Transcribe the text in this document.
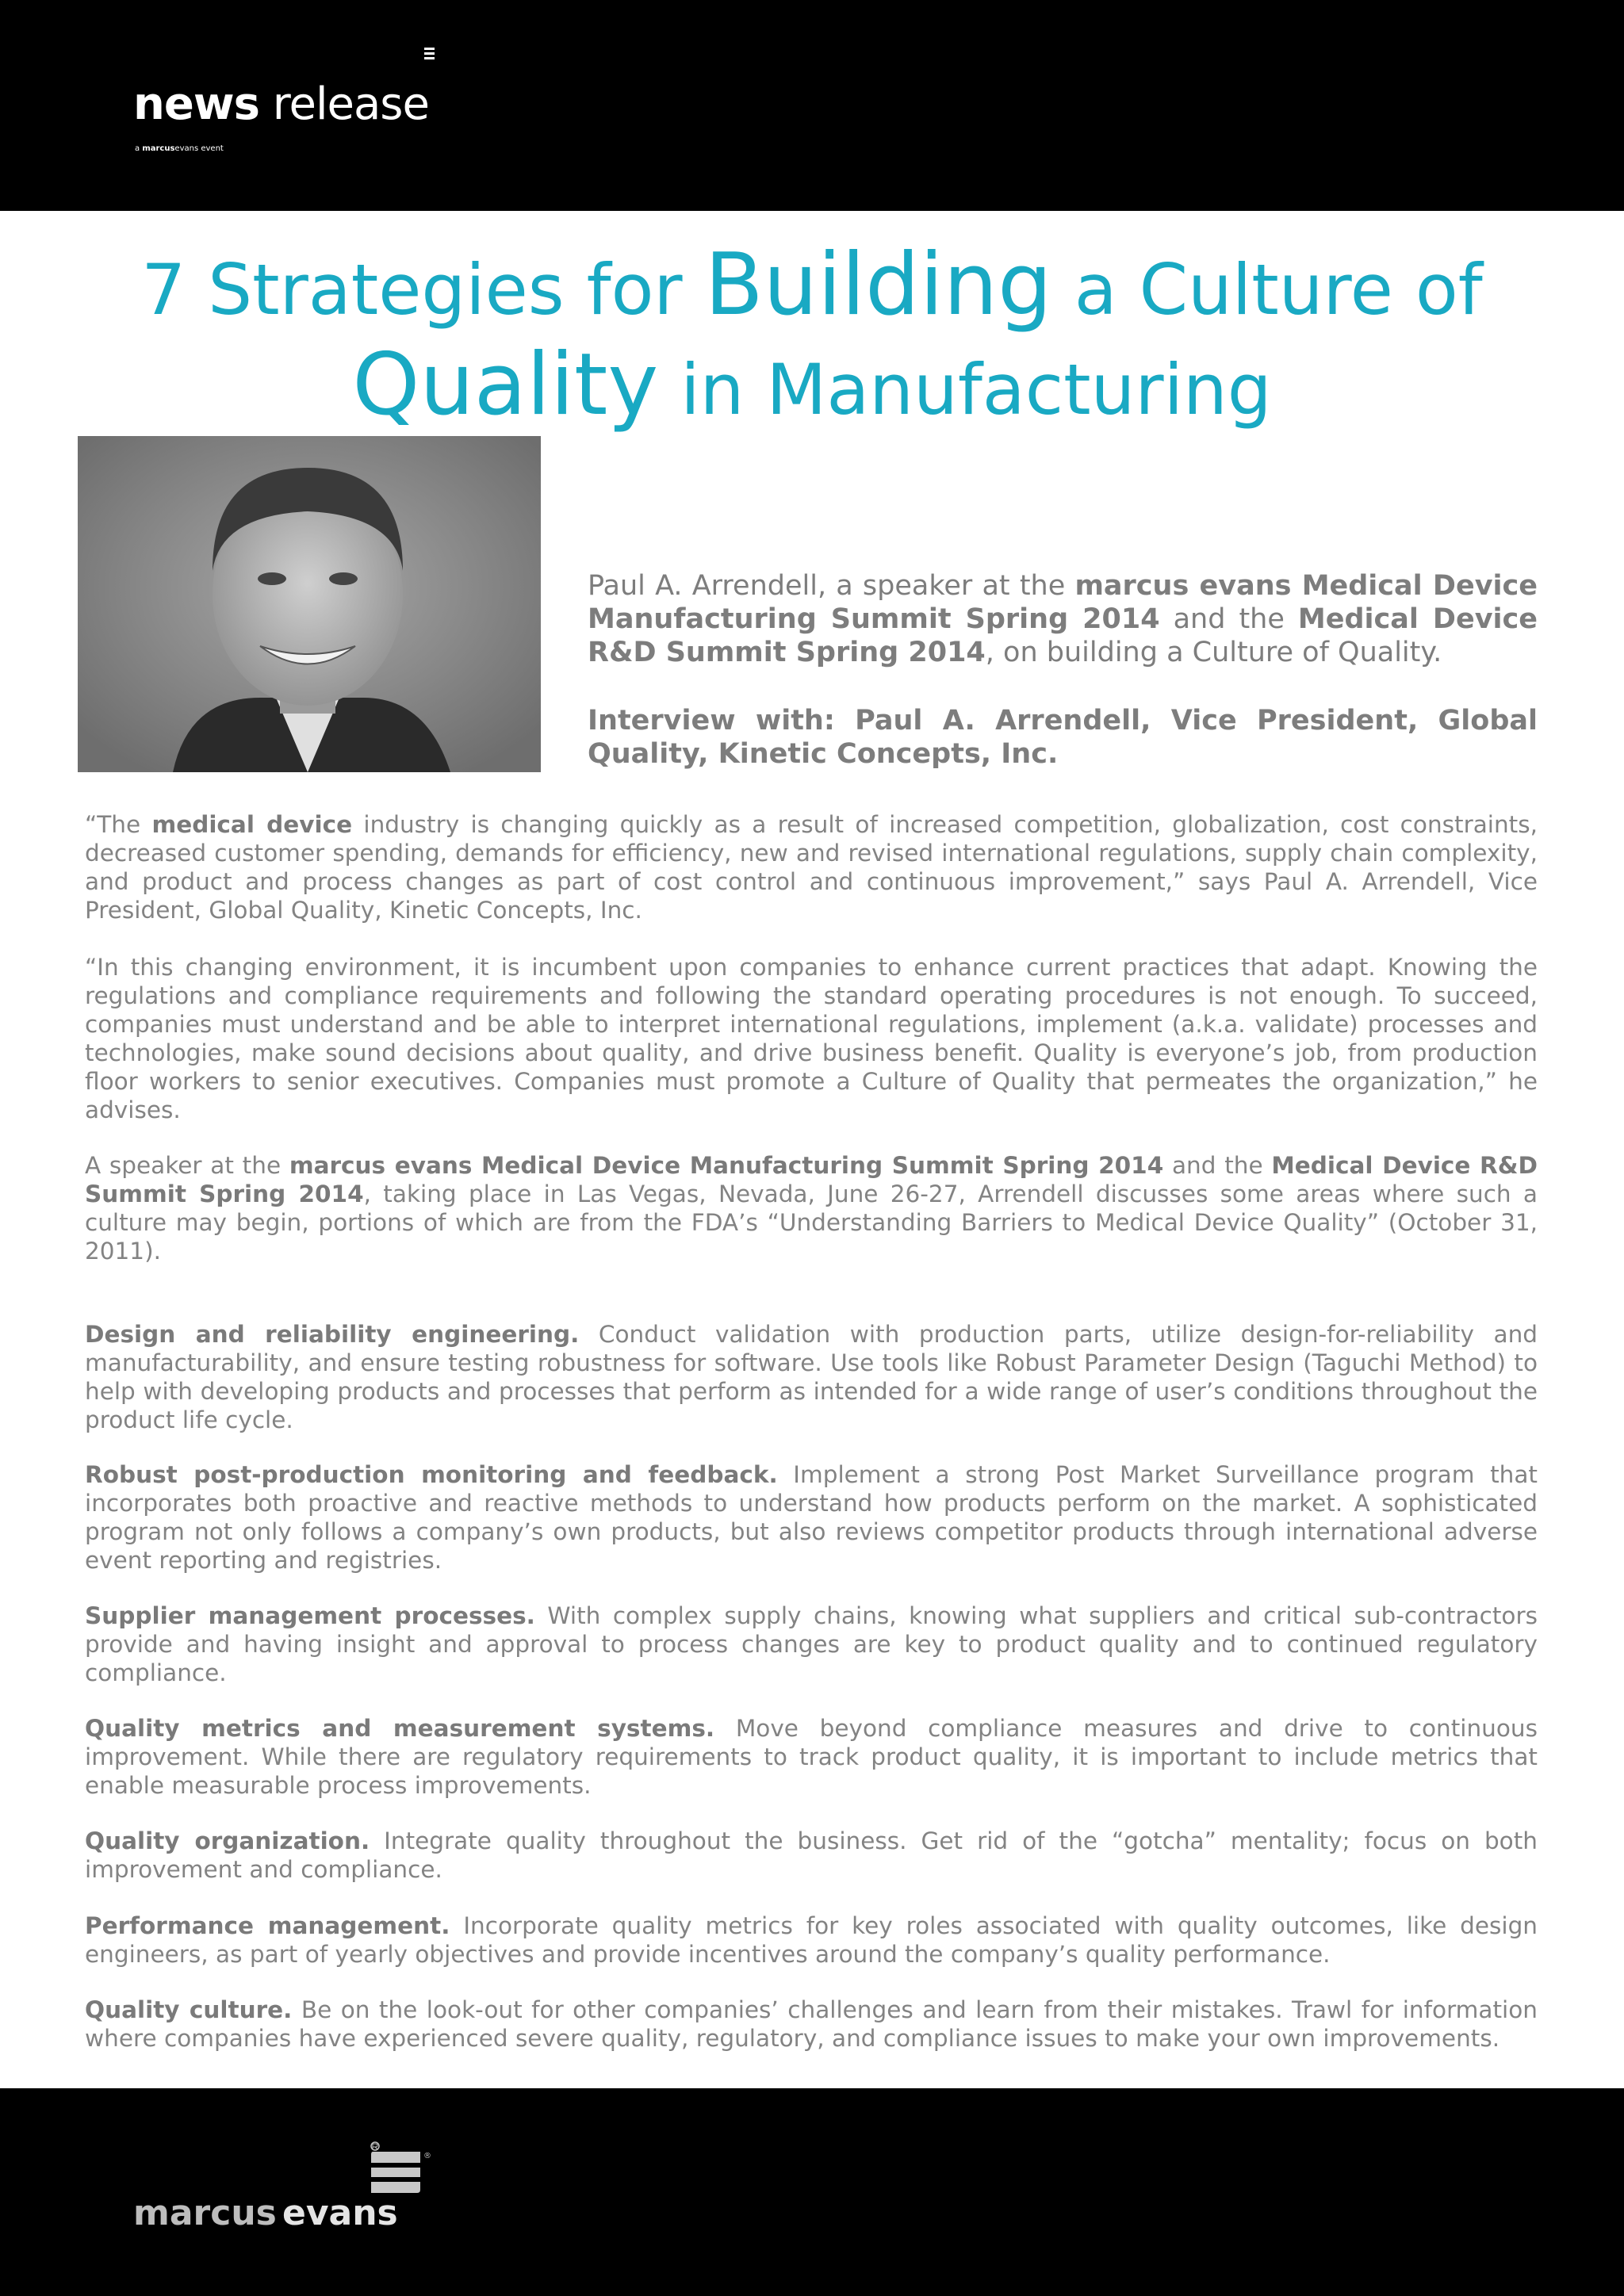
news release
a marcusevans event
7 Strategies for Building a Culture of
Quality in Manufacturing
Paul A. Arrendell, a speaker at the marcus evans Medical Device Manufacturing Summit Spring 2014 and the Medical Device R&D Summit Spring 2014, on building a Culture of Quality.
Interview with: Paul A. Arrendell, Vice President, Global Quality, Kinetic Concepts, Inc.

“The medical device industry is changing quickly as a result of increased competition, globalization, cost constraints, decreased customer spending, demands for efficiency, new and revised international regulations, supply chain complexity, and product and process changes as part of cost control and continuous improvement,” says Paul A. Arrendell, Vice President, Global Quality, Kinetic Concepts, Inc.

“In this changing environment, it is incumbent upon companies to enhance current practices that adapt. Knowing the regulations and compliance requirements and following the standard operating procedures is not enough. To succeed, companies must understand and be able to interpret international regulations, implement (a.k.a. validate) processes and technologies, make sound decisions about quality, and drive business benefit. Quality is everyone’s job, from production floor workers to senior executives. Companies must promote a Culture of Quality that permeates the organization,” he advises.

A speaker at the marcus evans Medical Device Manufacturing Summit Spring 2014 and the Medical Device R&D Summit Spring 2014, taking place in Las Vegas, Nevada, June 26-27, Arrendell discusses some areas where such a culture may begin, portions of which are from the FDA’s “Understanding Barriers to Medical Device Quality” (October 31, 2011).

Design and reliability engineering. Conduct validation with production parts, utilize design-for-reliability and manufacturability, and ensure testing robustness for software. Use tools like Robust Parameter Design (Taguchi Method) to help with developing products and processes that perform as intended for a wide range of user’s conditions throughout the product life cycle.

Robust post-production monitoring and feedback. Implement a strong Post Market Surveillance program that incorporates both proactive and reactive methods to understand how products perform on the market. A sophisticated program not only follows a company’s own products, but also reviews competitor products through international adverse event reporting and registries.

Supplier management processes. With complex supply chains, knowing what suppliers and critical sub-contractors provide and having insight and approval to process changes are key to product quality and to continued regulatory compliance.

Quality metrics and measurement systems. Move beyond compliance measures and drive to continuous improvement. While there are regulatory requirements to track product quality, it is important to include metrics that enable measurable process improvements.

Quality organization. Integrate quality throughout the business. Get rid of the “gotcha” mentality; focus on both improvement and compliance.

Performance management. Incorporate quality metrics for key roles associated with quality outcomes, like design engineers, as part of yearly objectives and provide incentives around the company’s quality performance.

Quality culture. Be on the look-out for other companies’ challenges and learn from their mistakes. Trawl for information where companies have experienced severe quality, regulatory, and compliance issues to make your own improvements.

marcus evans
®
